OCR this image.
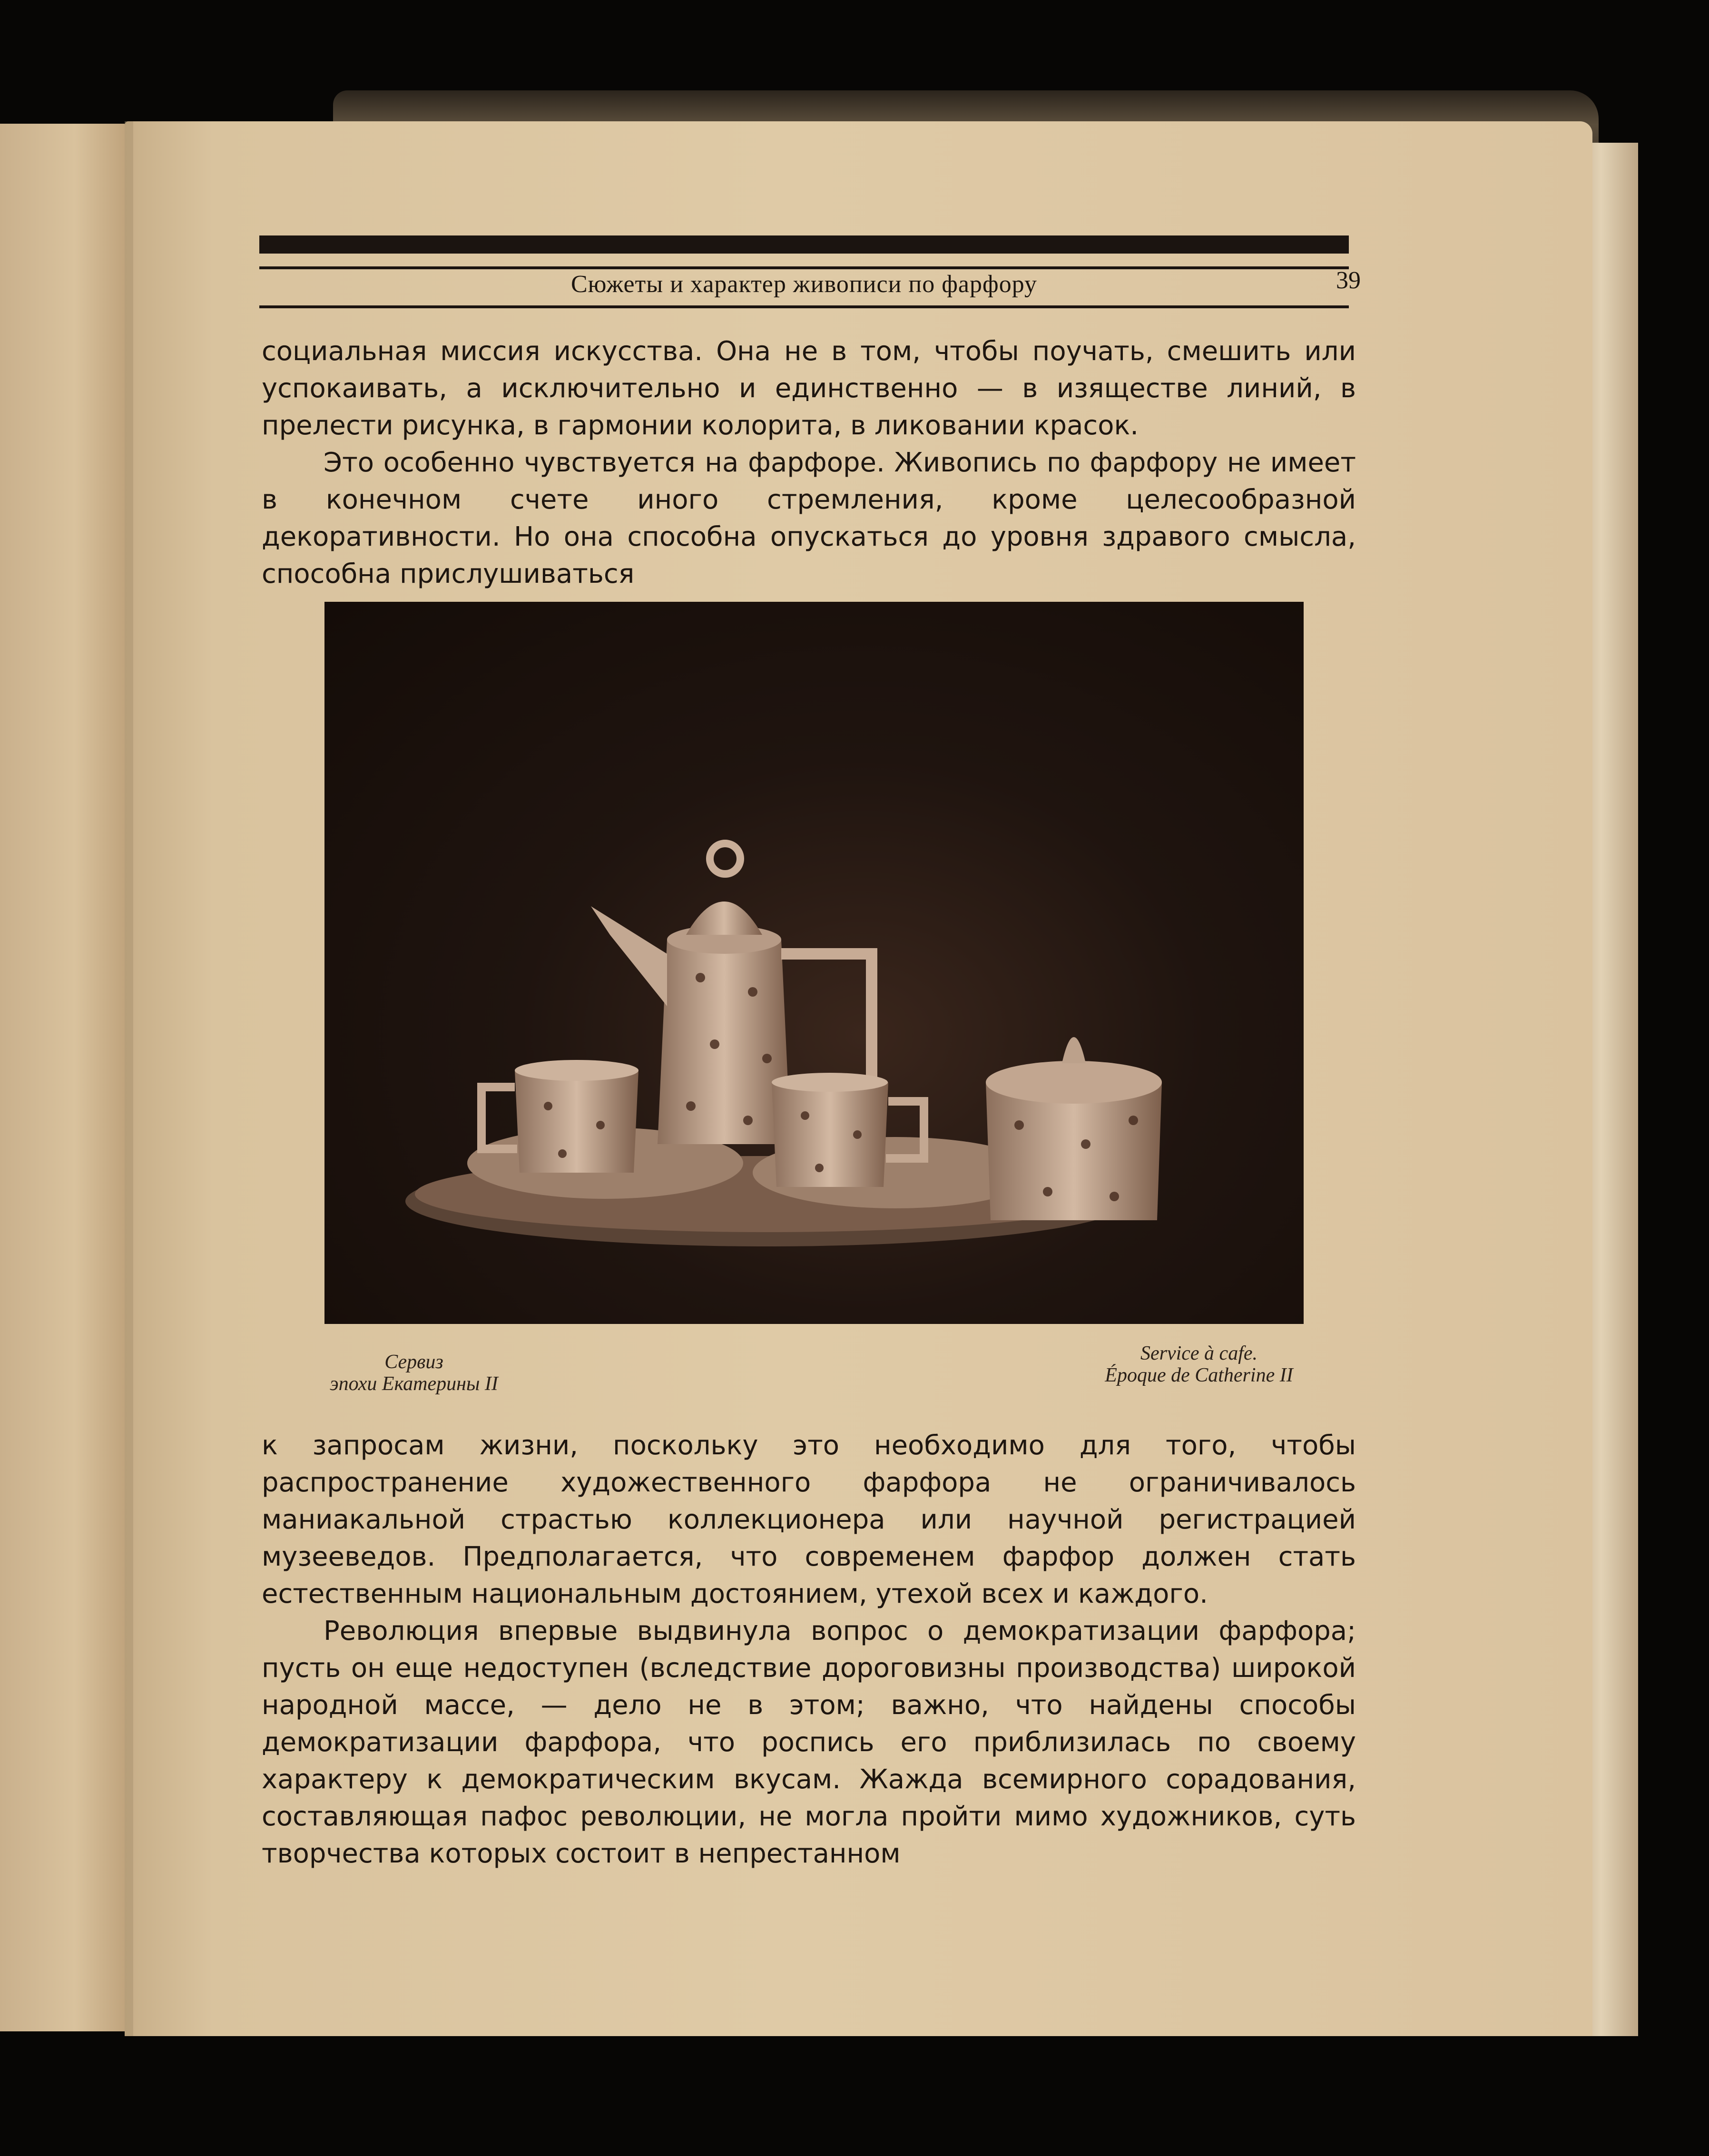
Сюжеты и характер живописи по фарфору	39

социальная миссия искусства. Она не в том, чтобы поучать, смешить или успокаивать, а исключительно и единственно — в изяществе линий, в прелести рисунка, в гармонии колорита, в ликовании красок.

Это особенно чувствуется на фарфоре. Живопись по фарфору не имеет в конечном счете иного стремления, кроме целесообразной декоративности. Но она способна опускаться до уровня здравого смысла, способна прислушиваться

Сервиз
эпохи Екатерины II
Service à cafe.
Époque de Catherine II

к запросам жизни, поскольку это необходимо для того, чтобы распространение художественного фарфора не ограничивалось маниакальной страстью коллекционера или научной регистрацией музееведов. Предполагается, что современем фарфор должен стать естественным национальным достоянием, утехой всех и каждого.

Революция впервые выдвинула вопрос о демократизации фарфора; пусть он еще недоступен (вследствие дороговизны производства) широкой народной массе, — дело не в этом; важно, что найдены способы демократизации фарфора, что роспись его приблизилась по своему характеру к демократическим вкусам. Жажда всемирного сорадования, составляющая пафос революции, не могла пройти мимо художников, суть творчества которых состоит в непрестанном
